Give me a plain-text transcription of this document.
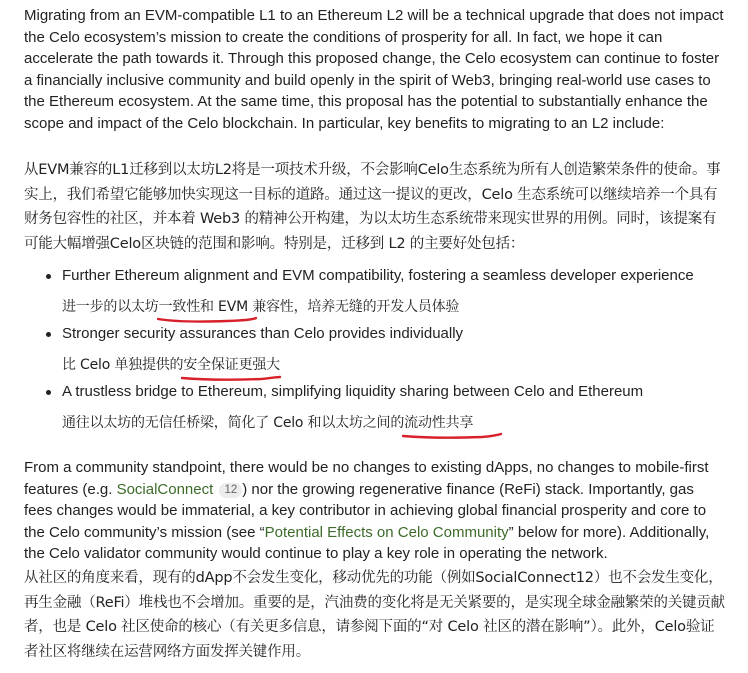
Migrating from an EVM-compatible L1 to an Ethereum L2 will be a technical upgrade that does not impact the Celo ecosystem’s mission to create the conditions of prosperity for all. In fact, we hope it can accelerate the path towards it. Through this proposed change, the Celo ecosystem can continue to foster a financially inclusive community and build openly in the spirit of Web3, bringing real-world use cases to the Ethereum ecosystem. At the same time, this proposal has the potential to substantially enhance the scope and impact of the Celo blockchain. In particular, key benefits to migrating to an L2 include:

从EVM兼容的L1迁移到以太坊L2将是一项技术升级，不会影响Celo生态系统为所有人创造繁荣条件的使命。事实上，我们希望它能够加快实现这一目标的道路。通过这一提议的更改，Celo 生态系统可以继续培养一个具有财务包容性的社区，并本着 Web3 的精神公开构建，为以太坊生态系统带来现实世界的用例。同时，该提案有可能大幅增强Celo区块链的范围和影响。特别是，迁移到 L2 的主要好处包括：

Further Ethereum alignment and EVM compatibility, fostering a seamless developer experience
进一步的以太坊一致性和 EVM 兼容性
，培养无缝的开发人员体验
Stronger security assurances than Celo provides individually
比 Celo 单独提供的安全保证
更强大
A trustless bridge to Ethereum, simplifying liquidity sharing between Celo and Ethereum
通往以太坊的无信任桥梁，简化了 Celo 和以太坊之间的流动性共享

From a community standpoint, there would be no changes to existing dApps, no changes to mobile-first features (e.g. SocialConnect 12 ) nor the growing regenerative finance (ReFi) stack. Importantly, gas fees changes would be immaterial, a key contributor in achieving global financial prosperity and core to the Celo community’s mission (see “Potential Effects on Celo Community” below for more). Additionally, the Celo validator community would continue to play a key role in operating the network.

从社区的角度来看，现有的dApp不会发生变化，移动优先的功能（例如SocialConnect12）也不会发生变化，再生金融（ReFi）堆栈也不会增加。重要的是，汽油费的变化将是无关紧要的，是实现全球金融繁荣的关键贡献者，也是 Celo 社区使命的核心（有关更多信息，请参阅下面的“对 Celo 社区的潜在影响”）。此外，Celo验证者社区将继续在运营网络方面发挥关键作用。
